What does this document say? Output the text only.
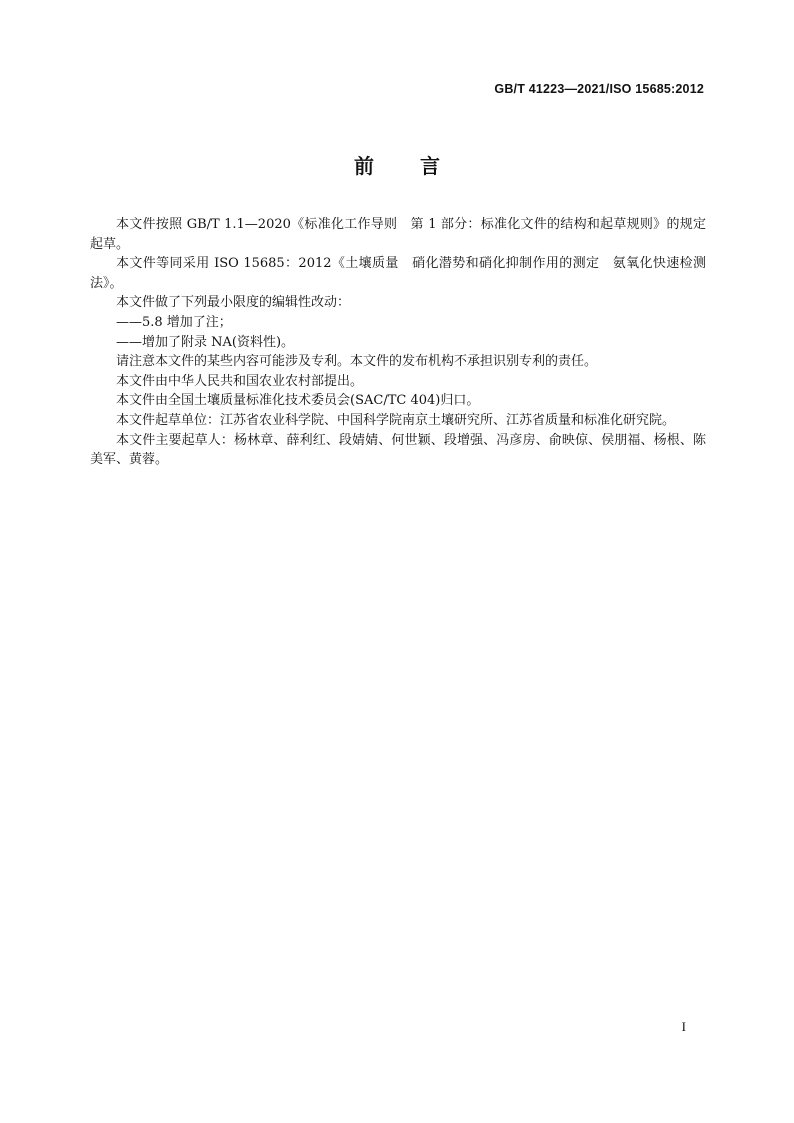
GB/T 41223—2021/ISO 15685:2012
前言

本文件按照 GB/T 1.1—2020《标准化工作导则　第 1 部分：标准化文件的结构和起草规则》的规定起草。

本文件等同采用 ISO 15685：2012《土壤质量　硝化潜势和硝化抑制作用的测定　氨氧化快速检测法》。

本文件做了下列最小限度的编辑性改动：

——5.8 增加了注；

——增加了附录 NA(资料性)。

请注意本文件的某些内容可能涉及专利。本文件的发布机构不承担识别专利的责任。

本文件由中华人民共和国农业农村部提出。

本文件由全国土壤质量标准化技术委员会(SAC/TC 404)归口。

本文件起草单位：江苏省农业科学院、中国科学院南京土壤研究所、江苏省质量和标准化研究院。

本文件主要起草人：杨林章、薛利红、段婧婧、何世颖、段增强、冯彦房、俞映倞、侯朋福、杨根、陈美军、黄蓉。

I
